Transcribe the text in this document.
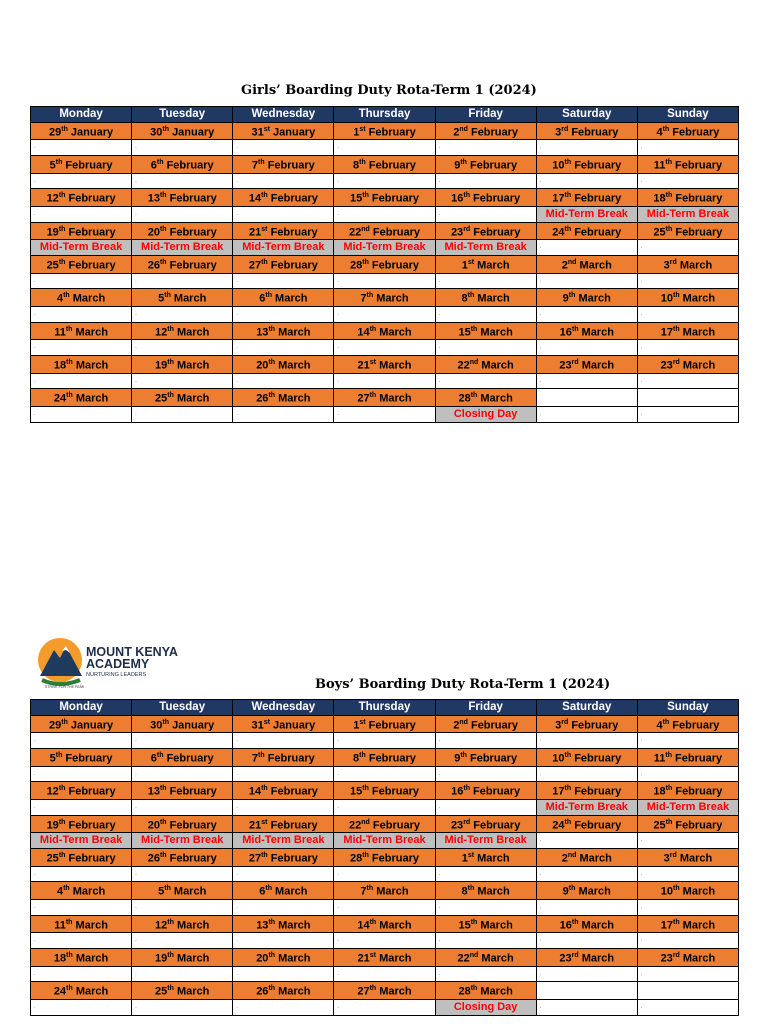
Girls’ Boarding Duty Rota-Term 1 (2024)
Monday	Tuesday	Wednesday	Thursday	Friday	Saturday	Sunday
29th January	30th January	31st January	1st February	2nd February	3rd February	4th February
.	.	.	.	.	.	.
5th February	6th February	7th February	8th February	9th February	10th February	11th February
.	.	.	.	.	.	.
12th February	13th February	14th February	15th February	16th February	17th February	18th February
.	.	.	.	.	Mid-Term Break	Mid-Term Break
19th February	20th February	21st February	22nd February	23rd February	24th February	25th February
Mid-Term Break	Mid-Term Break	Mid-Term Break	Mid-Term Break	Mid-Term Break	.	.
25th February	26th February	27th February	28th February	1st March	2nd March	3rd March
.	.	.	.	.	.	.
4th March	5th March	6th March	7th March	8th March	9th March	10th March
.	.	.	.	.	.	.
11th March	12th March	13th March	14th March	15th March	16th March	17th March
.	.	.	.	.	.	.
18th March	19th March	20th March	21st March	22nd March	23rd March	23rd March
.	.	.	.	.	.	.
24th March	25th March	26th March	27th March	28th March		
.	.	.	.	Closing Day	.	.
MOUNT KENYA
ACADEMY
NURTURING LEADERS
STRIVE FOR THE PEAK	Boys’ Boarding Duty Rota-Term 1 (2024)
Monday	Tuesday	Wednesday	Thursday	Friday	Saturday	Sunday
29th January	30th January	31st January	1st February	2nd February	3rd February	4th February
.	.	.	.	.	.	.
5th February	6th February	7th February	8th February	9th February	10th February	11th February
.	.	.	.	.	.	.
12th February	13th February	14th February	15th February	16th February	17th February	18th February
.	.	.	.	.	Mid-Term Break	Mid-Term Break
19th February	20th February	21st February	22nd February	23rd February	24th February	25th February
Mid-Term Break	Mid-Term Break	Mid-Term Break	Mid-Term Break	Mid-Term Break	.	.
25th February	26th February	27th February	28th February	1st March	2nd March	3rd March
.	.	.	.	.	.	.
4th March	5th March	6th March	7th March	8th March	9th March	10th March
.	.	.	.	.	.	.
11th March	12th March	13th March	14th March	15th March	16th March	17th March
.	.	.	.	.	.	.
18th March	19th March	20th March	21st March	22nd March	23rd March	23rd March
.	.	.	.	.	.	.
24th March	25th March	26th March	27th March	28th March		
.	.	.	.	Closing Day	.	.
